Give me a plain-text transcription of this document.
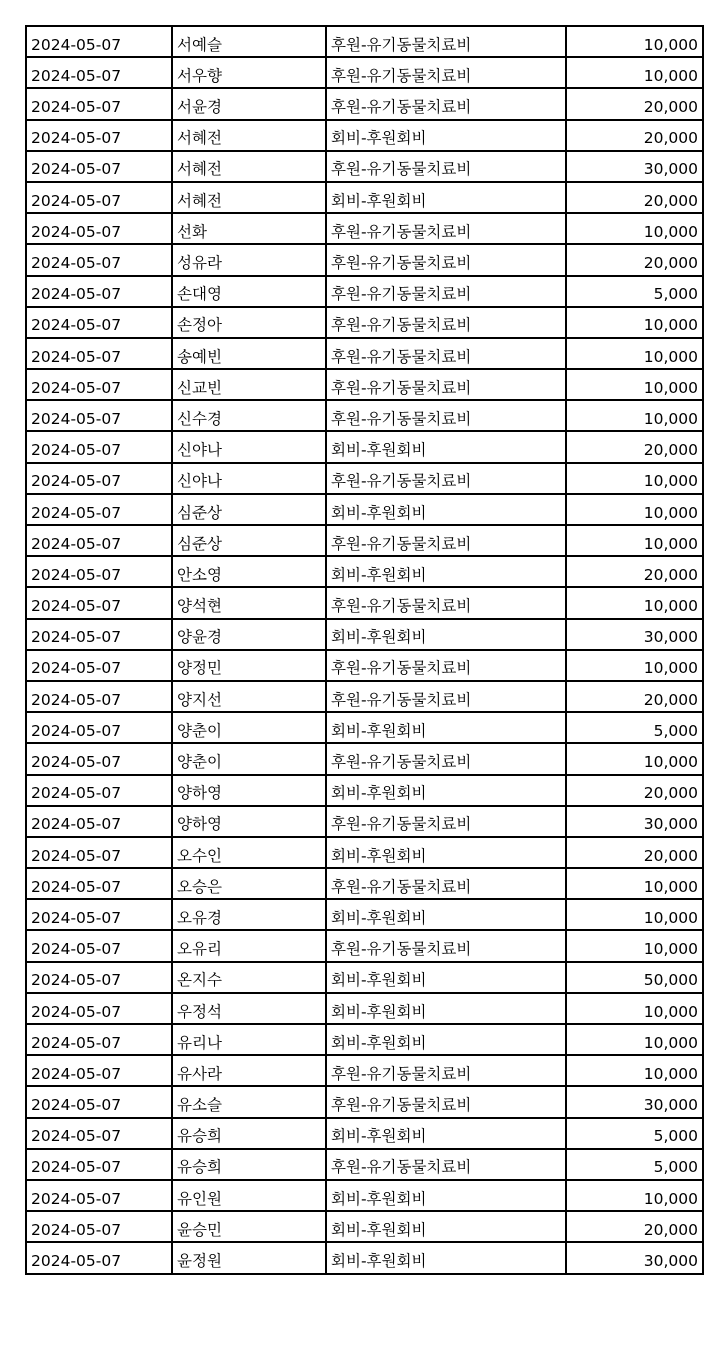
2024-05-07	서예슬	후원-유기동물치료비	10,000
2024-05-07	서우향	후원-유기동물치료비	10,000
2024-05-07	서윤경	후원-유기동물치료비	20,000
2024-05-07	서혜전	회비-후원회비	20,000
2024-05-07	서혜전	후원-유기동물치료비	30,000
2024-05-07	서혜전	회비-후원회비	20,000
2024-05-07	선화	후원-유기동물치료비	10,000
2024-05-07	성유라	후원-유기동물치료비	20,000
2024-05-07	손대영	후원-유기동물치료비	5,000
2024-05-07	손정아	후원-유기동물치료비	10,000
2024-05-07	송예빈	후원-유기동물치료비	10,000
2024-05-07	신교빈	후원-유기동물치료비	10,000
2024-05-07	신수경	후원-유기동물치료비	10,000
2024-05-07	신야나	회비-후원회비	20,000
2024-05-07	신야나	후원-유기동물치료비	10,000
2024-05-07	심준상	회비-후원회비	10,000
2024-05-07	심준상	후원-유기동물치료비	10,000
2024-05-07	안소영	회비-후원회비	20,000
2024-05-07	양석현	후원-유기동물치료비	10,000
2024-05-07	양윤경	회비-후원회비	30,000
2024-05-07	양정민	후원-유기동물치료비	10,000
2024-05-07	양지선	후원-유기동물치료비	20,000
2024-05-07	양춘이	회비-후원회비	5,000
2024-05-07	양춘이	후원-유기동물치료비	10,000
2024-05-07	양하영	회비-후원회비	20,000
2024-05-07	양하영	후원-유기동물치료비	30,000
2024-05-07	오수인	회비-후원회비	20,000
2024-05-07	오승은	후원-유기동물치료비	10,000
2024-05-07	오유경	회비-후원회비	10,000
2024-05-07	오유리	후원-유기동물치료비	10,000
2024-05-07	온지수	회비-후원회비	50,000
2024-05-07	우정석	회비-후원회비	10,000
2024-05-07	유리나	회비-후원회비	10,000
2024-05-07	유사라	후원-유기동물치료비	10,000
2024-05-07	유소슬	후원-유기동물치료비	30,000
2024-05-07	유승희	회비-후원회비	5,000
2024-05-07	유승희	후원-유기동물치료비	5,000
2024-05-07	유인원	회비-후원회비	10,000
2024-05-07	윤승민	회비-후원회비	20,000
2024-05-07	윤정원	회비-후원회비	30,000
